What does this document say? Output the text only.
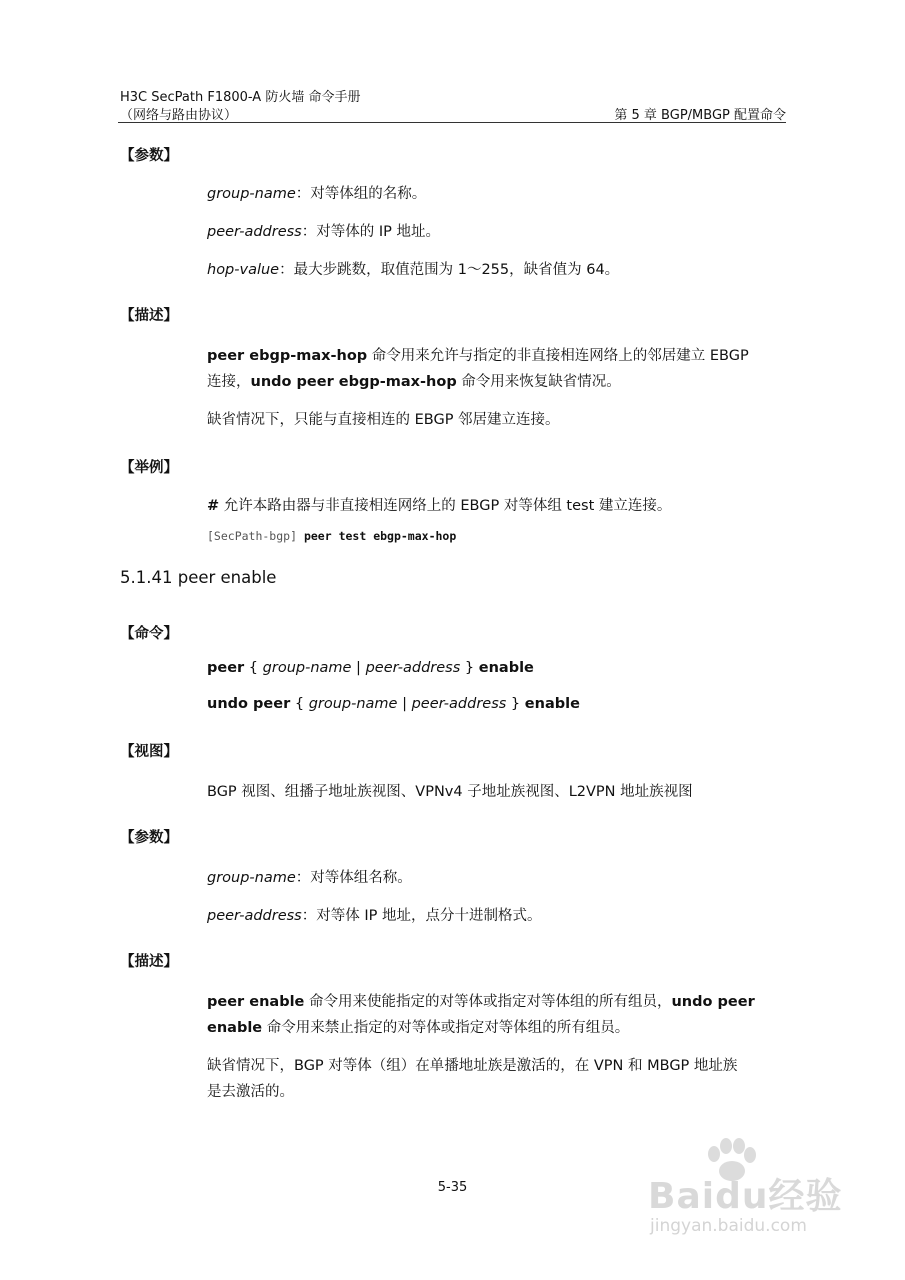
H3C SecPath F1800-A 防火墙 命令手册
（网络与路由协议）	第 5 章 BGP/MBGP 配置命令
【参数】
group-name：对等体组的名称。
peer-address：对等体的 IP 地址。
hop-value：最大步跳数，取值范围为 1～255，缺省值为 64。
【描述】
peer ebgp-max-hop 命令用来允许与指定的非直接相连网络上的邻居建立 EBGP
连接，undo peer ebgp-max-hop 命令用来恢复缺省情况。
缺省情况下，只能与直接相连的 EBGP 邻居建立连接。
【举例】
# 允许本路由器与非直接相连网络上的 EBGP 对等体组 test 建立连接。
[SecPath-bgp] peer test ebgp-max-hop
5.1.41 peer enable
【命令】
peer { group-name | peer-address } enable
undo peer { group-name | peer-address } enable
【视图】
BGP 视图、组播子地址族视图、VPNv4 子地址族视图、L2VPN 地址族视图
【参数】
group-name：对等体组名称。
peer-address：对等体 IP 地址，点分十进制格式。
【描述】
peer enable 命令用来使能指定的对等体或指定对等体组的所有组员，undo peer
enable 命令用来禁止指定的对等体或指定对等体组的所有组员。
缺省情况下，BGP 对等体（组）在单播地址族是激活的，在 VPN 和 MBGP 地址族
是去激活的。
5-35	Baidu经验
jingyan.baidu.com
